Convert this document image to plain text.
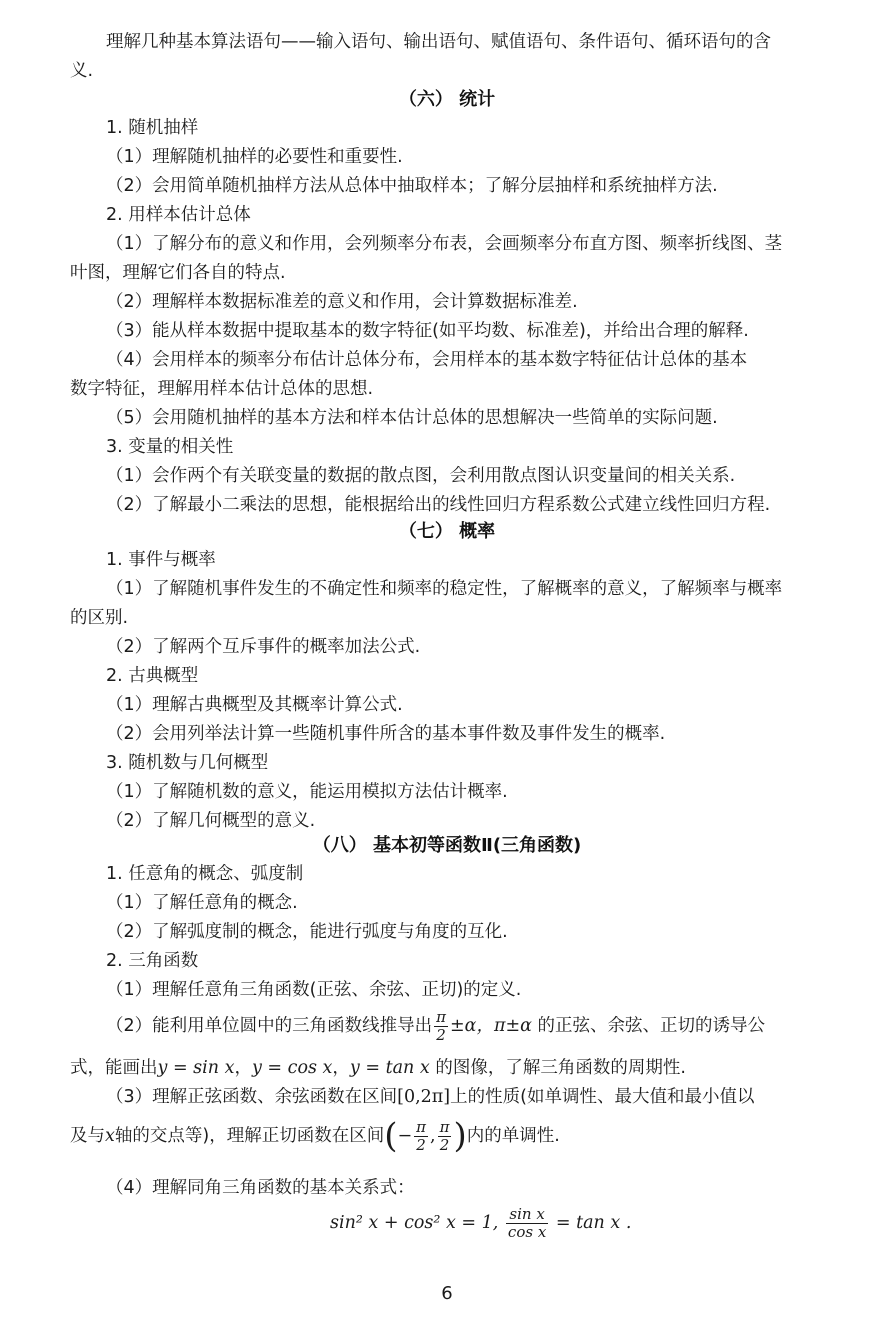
理解几种基本算法语句——输入语句、输出语句、赋值语句、条件语句、循环语句的含
义.
（六） 统计
1. 随机抽样
（1）理解随机抽样的必要性和重要性.
（2）会用简单随机抽样方法从总体中抽取样本；了解分层抽样和系统抽样方法.
2. 用样本估计总体
（1）了解分布的意义和作用，会列频率分布表，会画频率分布直方图、频率折线图、茎
叶图，理解它们各自的特点.
（2）理解样本数据标准差的意义和作用，会计算数据标准差.
（3）能从样本数据中提取基本的数字特征(如平均数、标准差)，并给出合理的解释.
（4）会用样本的频率分布估计总体分布，会用样本的基本数字特征估计总体的基本
数字特征，理解用样本估计总体的思想.
（5）会用随机抽样的基本方法和样本估计总体的思想解决一些简单的实际问题.
3. 变量的相关性
（1）会作两个有关联变量的数据的散点图，会利用散点图认识变量间的相关关系.
（2）了解最小二乘法的思想，能根据给出的线性回归方程系数公式建立线性回归方程.
（七） 概率
1. 事件与概率
（1）了解随机事件发生的不确定性和频率的稳定性，了解概率的意义，了解频率与概率
的区别.
（2）了解两个互斥事件的概率加法公式.
2. 古典概型
（1）理解古典概型及其概率计算公式.
（2）会用列举法计算一些随机事件所含的基本事件数及事件发生的概率.
3. 随机数与几何概型
（1）了解随机数的意义，能运用模拟方法估计概率.
（2）了解几何概型的意义.
（八） 基本初等函数Ⅱ(三角函数)
1. 任意角的概念、弧度制
（1）了解任意角的概念.
（2）了解弧度制的概念，能进行弧度与角度的互化.
2. 三角函数
（1）理解任意角三角函数(正弦、余弦、正切)的定义.
（2）能利用单位圆中的三角函数线推导出 $\frac{\pi}{2} \pm\alpha$，π±α 的正弦、余弦、正切的诱导公
式，能画出y = sin x，y = cos x，y = tan x 的图像，了解三角函数的周期性.
（3）理解正弦函数、余弦函数在区间[0,2π]上的性质(如单调性、最大值和最小值以
及与x轴的交点等)，理解正切函数在区间(− $\frac{\pi}{2}$ , $\frac{\pi}{2}$ )内的单调性.
（4）理解同角三角函数的基本关系式：
sin² x + cos² x = 1, $\frac{\text{sin x}}{\text{cos x}} = \tan x$ .
6
